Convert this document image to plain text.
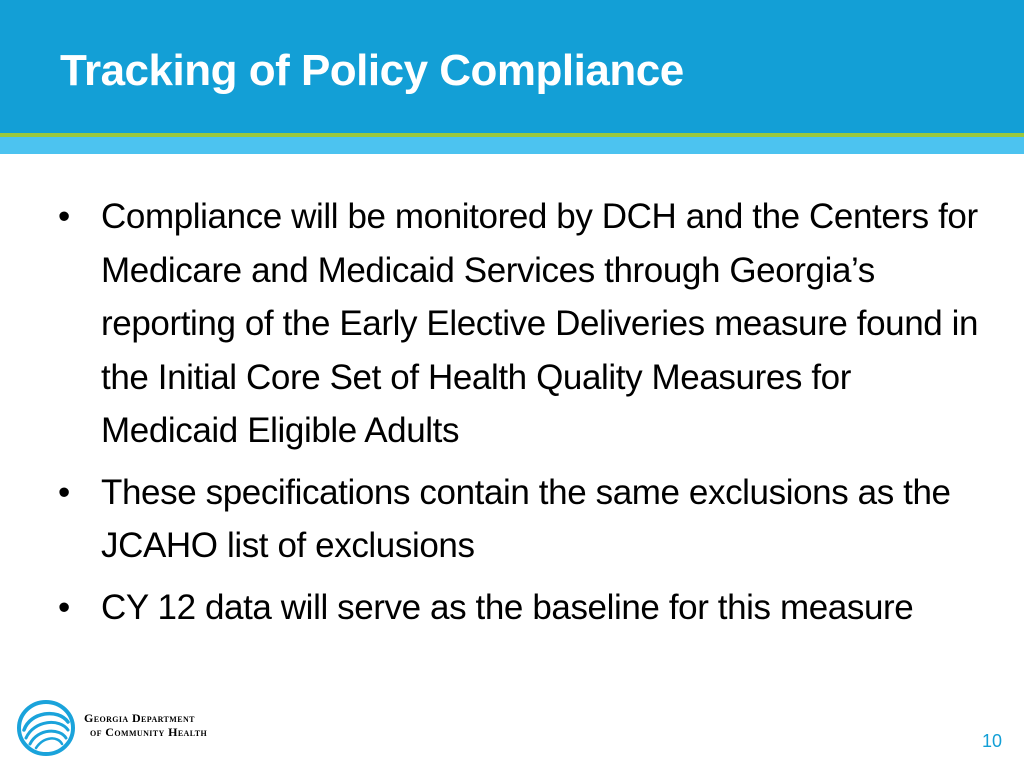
Tracking of Policy Compliance
• Compliance will be monitored by DCH and the Centers for Medicare and Medicaid Services through Georgia’s reporting of the Early Elective Deliveries measure found in the Initial Core Set of Health Quality Measures for Medicaid Eligible Adults
• These specifications contain the same exclusions as the JCAHO list of exclusions
• CY 12 data will serve as the baseline for this measure
Georgia Department
of Community Health	10
